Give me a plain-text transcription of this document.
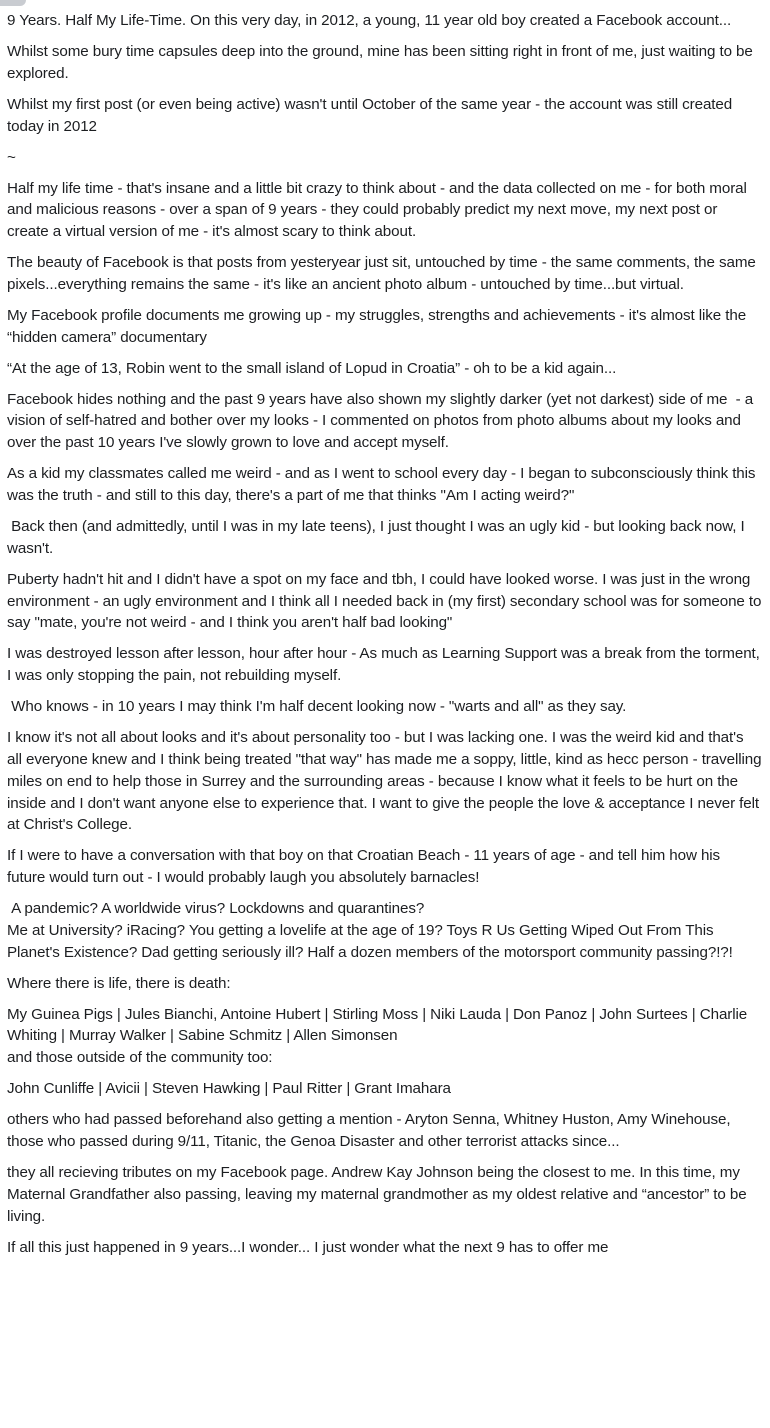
9 Years. Half My Life-Time. On this very day, in 2012, a young, 11 year old boy created a Facebook account...

Whilst some bury time capsules deep into the ground, mine has been sitting right in front of me, just waiting to be explored.

Whilst my first post (or even being active) wasn't until October of the same year - the account was still created today in 2012

~

Half my life time - that's insane and a little bit crazy to think about - and the data collected on me - for both moral and malicious reasons - over a span of 9 years - they could probably predict my next move, my next post or create a virtual version of me - it's almost scary to think about.

The beauty of Facebook is that posts from yesteryear just sit, untouched by time - the same comments, the same pixels...everything remains the same - it's like an ancient photo album - untouched by time...but virtual.

My Facebook profile documents me growing up - my struggles, strengths and achievements - it's almost like the “hidden camera” documentary

“At the age of 13, Robin went to the small island of Lopud in Croatia” - oh to be a kid again...

Facebook hides nothing and the past 9 years have also shown my slightly darker (yet not darkest) side of me  - a vision of self-hatred and bother over my looks - I commented on photos from photo albums about my looks and over the past 10 years I've slowly grown to love and accept myself.

As a kid my classmates called me weird - and as I went to school every day - I began to subconsciously think this was the truth - and still to this day, there's a part of me that thinks "Am I acting weird?"

Back then (and admittedly, until I was in my late teens), I just thought I was an ugly kid - but looking back now, I wasn't.

Puberty hadn't hit and I didn't have a spot on my face and tbh, I could have looked worse. I was just in the wrong environment - an ugly environment and I think all I needed back in (my first) secondary school was for someone to say "mate, you're not weird - and I think you aren't half bad looking"

I was destroyed lesson after lesson, hour after hour - As much as Learning Support was a break from the torment, I was only stopping the pain, not rebuilding myself.

Who knows - in 10 years I may think I'm half decent looking now - "warts and all" as they say.

I know it's not all about looks and it's about personality too - but I was lacking one. I was the weird kid and that's all everyone knew and I think being treated "that way" has made me a soppy, little, kind as hecc person - travelling miles on end to help those in Surrey and the surrounding areas - because I know what it feels to be hurt on the inside and I don't want anyone else to experience that. I want to give the people the love & acceptance I never felt at Christ's College.

If I were to have a conversation with that boy on that Croatian Beach - 11 years of age - and tell him how his future would turn out - I would probably laugh you absolutely barnacles!

A pandemic? A worldwide virus? Lockdowns and quarantines?
Me at University? iRacing? You getting a lovelife at the age of 19? Toys R Us Getting Wiped Out From This Planet's Existence? Dad getting seriously ill? Half a dozen members of the motorsport community passing?!?!

Where there is life, there is death:

My Guinea Pigs | Jules Bianchi, Antoine Hubert | Stirling Moss | Niki Lauda | Don Panoz | John Surtees | Charlie Whiting | Murray Walker | Sabine Schmitz | Allen Simonsen
and those outside of the community too:

John Cunliffe | Avicii | Steven Hawking | Paul Ritter | Grant Imahara

others who had passed beforehand also getting a mention - Aryton Senna, Whitney Huston, Amy Winehouse, those who passed during 9/11, Titanic, the Genoa Disaster and other terrorist attacks since...

they all recieving tributes on my Facebook page. Andrew Kay Johnson being the closest to me. In this time, my Maternal Grandfather also passing, leaving my maternal grandmother as my oldest relative and “ancestor” to be living.

If all this just happened in 9 years...I wonder... I just wonder what the next 9 has to offer me
